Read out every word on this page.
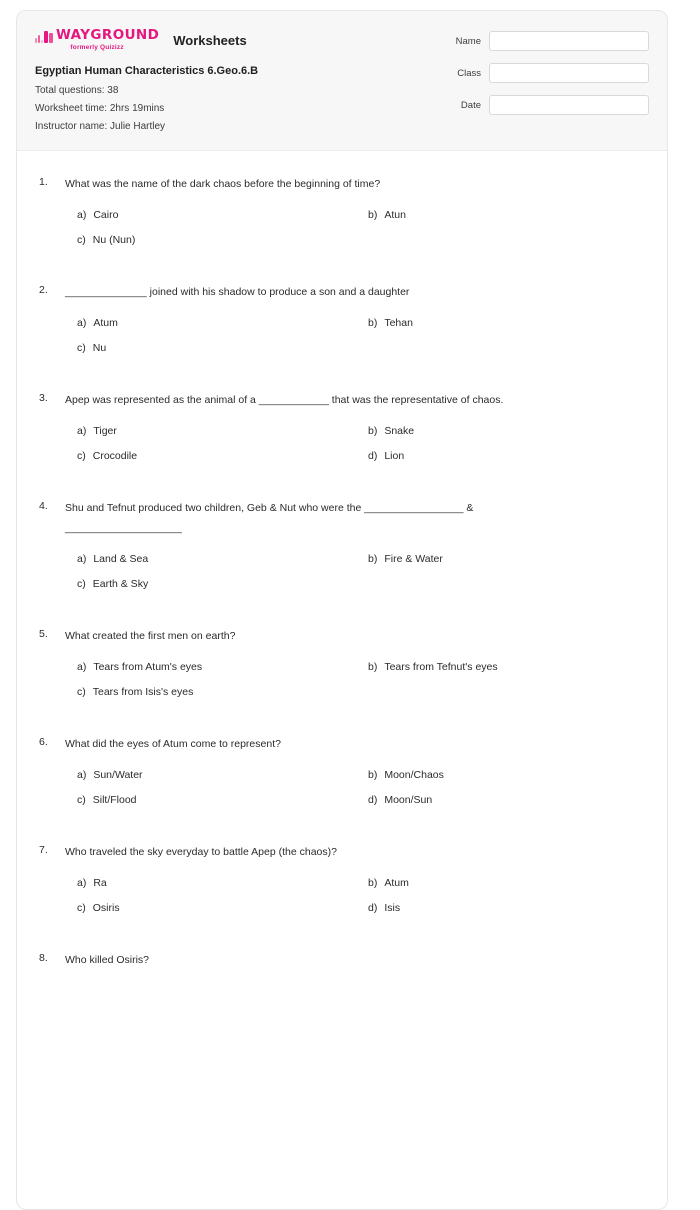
WAYGROUND
formerly Quizizz	Worksheets
Egyptian Human Characteristics 6.Geo.6.B
Total questions: 38
Worksheet time: 2hrs 19mins
Instructor name: Julie Hartley
Name
Class
Date
1.	What was the name of the dark chaos before the beginning of time?
a) Cairo	b) Atun
c) Nu (Nun)
2.	______________ joined with his shadow to produce a son and a daughter
a) Atum	b) Tehan
c) Nu
3.	Apep was represented as the animal of a ____________ that was the representative of chaos.
a) Tiger	b) Snake
c) Crocodile	d) Lion
4.	Shu and Tefnut produced two children, Geb & Nut who were the _________________ & ____________________
a) Land & Sea	b) Fire & Water
c) Earth & Sky
5.	What created the first men on earth?
a) Tears from Atum's eyes	b) Tears from Tefnut's eyes
c) Tears from Isis's eyes
6.	What did the eyes of Atum come to represent?
a) Sun/Water	b) Moon/Chaos
c) Silt/Flood	d) Moon/Sun
7.	Who traveled the sky everyday to battle Apep (the chaos)?
a) Ra	b) Atum
c) Osiris	d) Isis
8.	Who killed Osiris?
